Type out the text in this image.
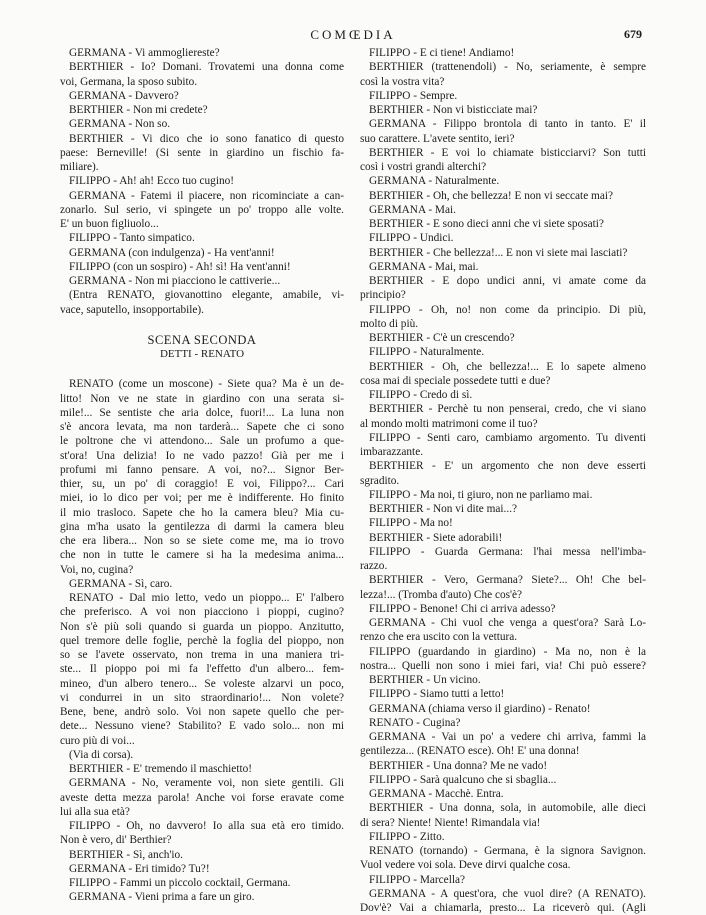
COMŒDIA	679
GERMANA - Vi ammogliereste?
BERTHIER - Io? Domani. Trovatemi una donna come
voi, Germana, la sposo subito.
GERMANA - Davvero?
BERTHIER - Non mi credete?
GERMANA - Non so.
BERTHIER - Vi dico che io sono fanatico di questo
paese: Berneville! (Si sente in giardino un fischio fa-
miliare).
FILIPPO - Ah! ah! Ecco tuo cugino!
GERMANA - Fatemi il piacere, non ricominciate a can-
zonarlo. Sul serio, vi spingete un po' troppo alle volte.
E' un buon figliuolo...
FILIPPO - Tanto simpatico.
GERMANA (con indulgenza) - Ha vent'anni!
FILIPPO (con un sospiro) - Ah! sì! Ha vent'anni!
GERMANA - Non mi piacciono le cattiverie...
(Entra RENATO, giovanottino elegante, amabile, vi-
vace, saputello, insopportabile).
SCENA SECONDA
DETTI - RENATO
RENATO (come un moscone) - Siete qua? Ma è un de-
litto! Non ve ne state in giardino con una serata si-
mile!... Se sentiste che aria dolce, fuori!... La luna non
s'è ancora levata, ma non tarderà... Sapete che ci sono
le poltrone che vi attendono... Sale un profumo a que-
st'ora! Una delizia! Io ne vado pazzo! Già per me i
profumi mi fanno pensare. A voi, no?... Signor Ber-
thier, su, un po' di coraggio! E voi, Filippo?... Cari
miei, io lo dico per voi; per me è indifferente. Ho finito
il mio trasloco. Sapete che ho la camera bleu? Mia cu-
gina m'ha usato la gentilezza di darmi la camera bleu
che era libera... Non so se siete come me, ma io trovo
che non in tutte le camere si ha la medesima anima...
Voi, no, cugina?
GERMANA - Sì, caro.
RENATO - Dal mio letto, vedo un pioppo... E' l'albero
che preferisco. A voi non piacciono i pioppi, cugino?
Non s'è più soli quando si guarda un pioppo. Anzitutto,
quel tremore delle foglie, perchè la foglia del pioppo, non
so se l'avete osservato, non trema in una maniera tri-
ste... Il pioppo poi mi fa l'effetto d'un albero... fem-
mineo, d'un albero tenero... Se voleste alzarvi un poco,
vi condurrei in un sito straordinario!... Non volete?
Bene, bene, andrò solo. Voi non sapete quello che per-
dete... Nessuno viene? Stabilito? E vado solo... non mi
curo più di voi...
(Via di corsa).
BERTHIER - E' tremendo il maschietto!
GERMANA - No, veramente voi, non siete gentili. Gli
aveste detta mezza parola! Anche voi forse eravate come
lui alla sua età?
FILIPPO - Oh, no davvero! Io alla sua età ero timido.
Non è vero, di' Berthier?
BERTHIER - Sì, anch'io.
GERMANA - Eri timido? Tu?!
FILIPPO - Fammi un piccolo cocktail, Germana.
GERMANA - Vieni prima a fare un giro.
FILIPPO - E ci tiene! Andiamo!
BERTHIER (trattenendoli) - No, seriamente, è sempre
così la vostra vita?
FILIPPO - Sempre.
BERTHIER - Non vi bisticciate mai?
GERMANA - Filippo brontola di tanto in tanto. E' il
suo carattere. L'avete sentito, ieri?
BERTHIER - E voi lo chiamate bisticciarvi? Son tutti
così i vostri grandi alterchi?
GERMANA - Naturalmente.
BERTHIER - Oh, che bellezza! E non vi seccate mai?
GERMANA - Mai.
BERTHIER - E sono dieci anni che vi siete sposati?
FILIPPO - Undici.
BERTHIER - Che bellezza!... E non vi siete mai lasciati?
GERMANA - Mai, mai.
BERTHIER - E dopo undici anni, vi amate come da
principio?
FILIPPO - Oh, no! non come da principio. Di più,
molto di più.
BERTHIER - C'è un crescendo?
FILIPPO - Naturalmente.
BERTHIER - Oh, che bellezza!... E lo sapete almeno
cosa mai di speciale possedete tutti e due?
FILIPPO - Credo di sì.
BERTHIER - Perchè tu non penserai, credo, che vi siano
al mondo molti matrimoni come il tuo?
FILIPPO - Senti caro, cambiamo argomento. Tu diventi
imbarazzante.
BERTHIER - E' un argomento che non deve esserti
sgradito.
FILIPPO - Ma noi, ti giuro, non ne parliamo mai.
BERTHIER - Non vi dite mai...?
FILIPPO - Ma no!
BERTHIER - Siete adorabili!
FILIPPO - Guarda Germana: l'hai messa nell'imba-
razzo.
BERTHIER - Vero, Germana? Siete?... Oh! Che bel-
lezza!... (Tromba d'auto) Che cos'è?
FILIPPO - Benone! Chi ci arriva adesso?
GERMANA - Chi vuol che venga a quest'ora? Sarà Lo-
renzo che era uscito con la vettura.
FILIPPO (guardando in giardino) - Ma no, non è la
nostra... Quelli non sono i miei fari, via! Chi può essere?
BERTHIER - Un vicino.
FILIPPO - Siamo tutti a letto!
GERMANA (chiama verso il giardino) - Renato!
RENATO - Cugina?
GERMANA - Vai un po' a vedere chi arriva, fammi la
gentilezza... (RENATO esce). Oh! E' una donna!
BERTHIER - Una donna? Me ne vado!
FILIPPO - Sarà qualcuno che si sbaglia...
GERMANA - Macchè. Entra.
BERTHIER - Una donna, sola, in automobile, alle dieci
di sera? Niente! Niente! Rimandala via!
FILIPPO - Zitto.
RENATO (tornando) - Germana, è la signora Savignon.
Vuol vedere voi sola. Deve dirvi qualche cosa.
FILIPPO - Marcella?
GERMANA - A quest'ora, che vuol dire? (A RENATO).
Dov'è? Vai a chiamarla, presto... La riceverò qui. (Agli
